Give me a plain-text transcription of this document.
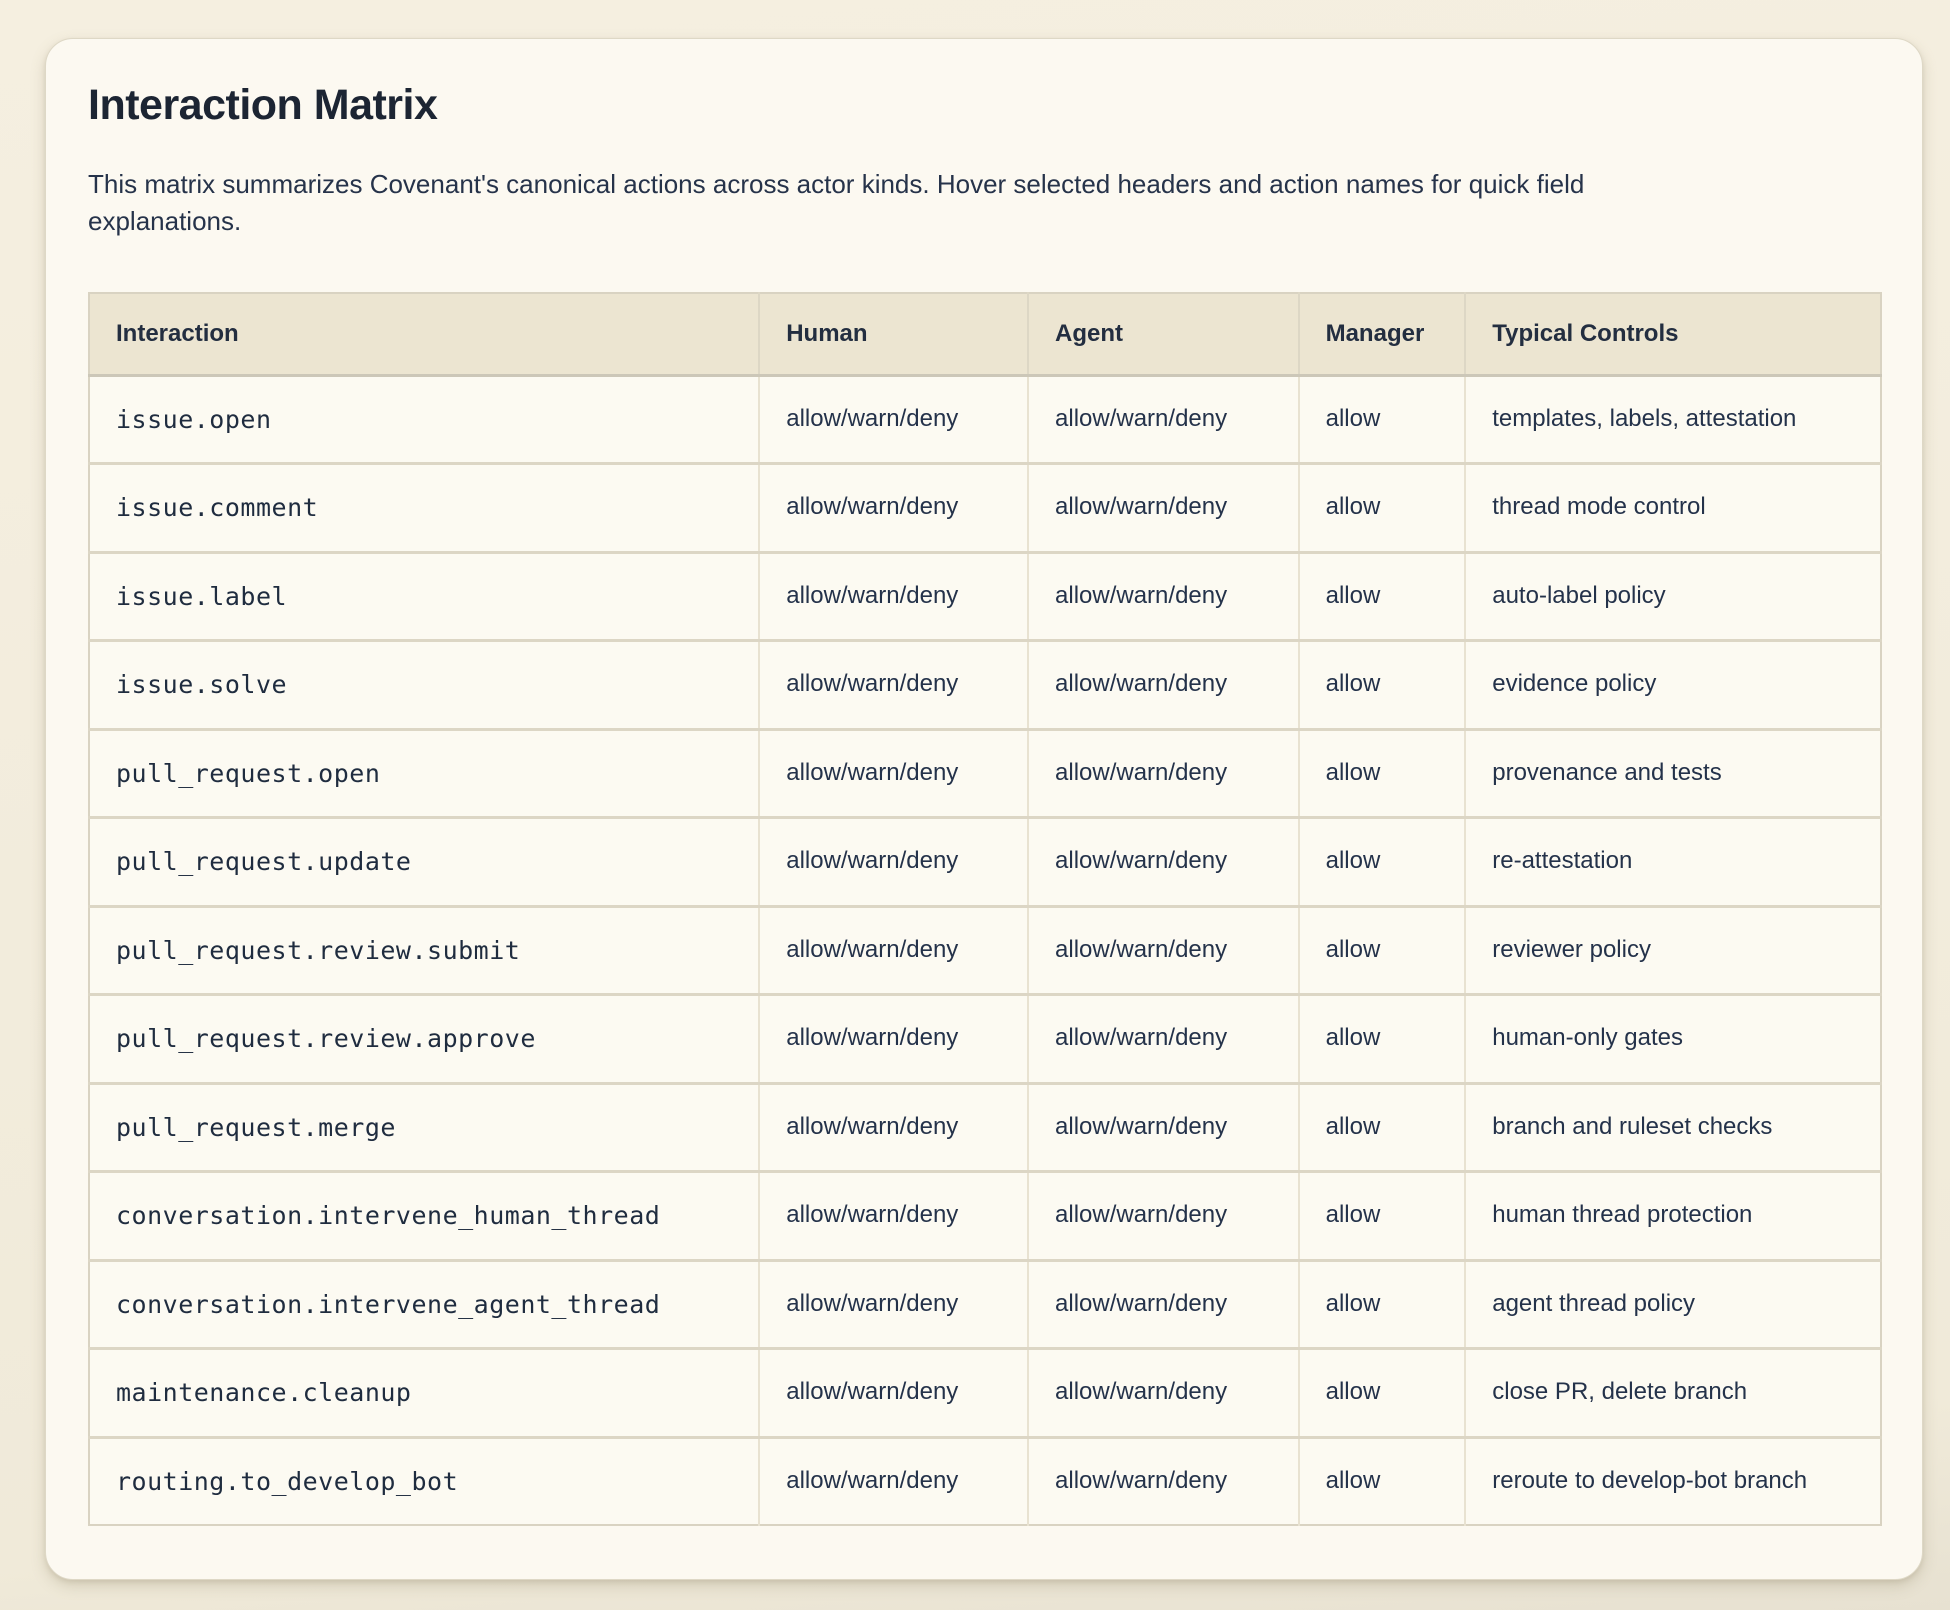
Interaction Matrix

This matrix summarizes Covenant's canonical actions across actor kinds. Hover selected headers and action names for quick field explanations.

Interaction	Human	Agent	Manager	Typical Controls
issue.open	allow/warn/deny	allow/warn/deny	allow	templates, labels, attestation
issue.comment	allow/warn/deny	allow/warn/deny	allow	thread mode control
issue.label	allow/warn/deny	allow/warn/deny	allow	auto-label policy
issue.solve	allow/warn/deny	allow/warn/deny	allow	evidence policy
pull_request.open	allow/warn/deny	allow/warn/deny	allow	provenance and tests
pull_request.update	allow/warn/deny	allow/warn/deny	allow	re-attestation
pull_request.review.submit	allow/warn/deny	allow/warn/deny	allow	reviewer policy
pull_request.review.approve	allow/warn/deny	allow/warn/deny	allow	human-only gates
pull_request.merge	allow/warn/deny	allow/warn/deny	allow	branch and ruleset checks
conversation.intervene_human_thread	allow/warn/deny	allow/warn/deny	allow	human thread protection
conversation.intervene_agent_thread	allow/warn/deny	allow/warn/deny	allow	agent thread policy
maintenance.cleanup	allow/warn/deny	allow/warn/deny	allow	close PR, delete branch
routing.to_develop_bot	allow/warn/deny	allow/warn/deny	allow	reroute to develop-bot branch
